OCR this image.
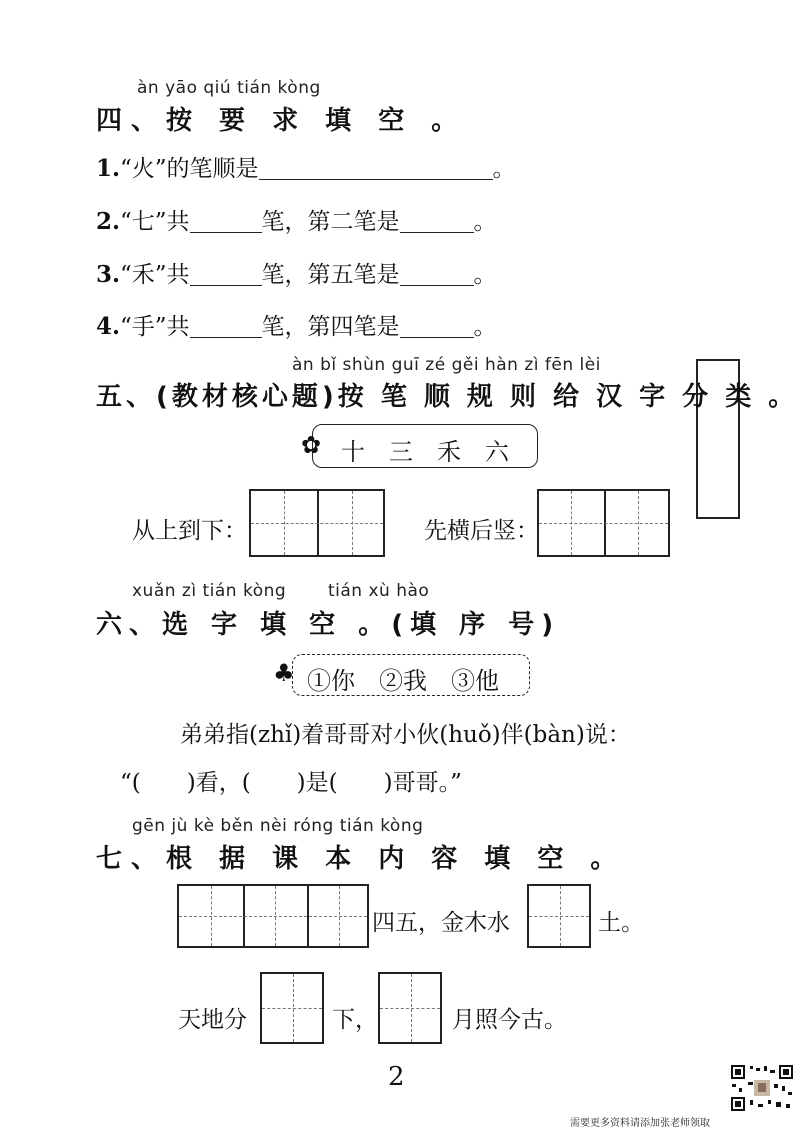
àn yāo qiú tián kòng
四、按 要 求 填 空 。
1.“火”的笔顺是	。
2.“七”共	笔，第二笔是	。
3.“禾”共	笔，第五笔是	。
4.“手”共	笔，第四笔是	。
àn bǐ shùn guī zé gěi hàn zì fēn lèi
五、(教材核心题)按 笔 顺 规 则 给 汉 字 分 类 。
✿ 十　三　禾　六
从上到下：	先横后竖：
xuǎn zì tián kòng tián xù hào
六、选 字 填 空 。(填 序 号)
♣ ①你　②我　③他
弟弟指(zhǐ)着哥哥对小伙(huǒ)伴(bàn)说：
“(　　)看，(　　)是(　　)哥哥。”
gēn jù kè běn nèi róng tián kòng
七、根 据 课 本 内 容 填 空 。
四五，金木水	土。
天地分	下，	月照今古。
2
需要更多资料请添加张老师领取
